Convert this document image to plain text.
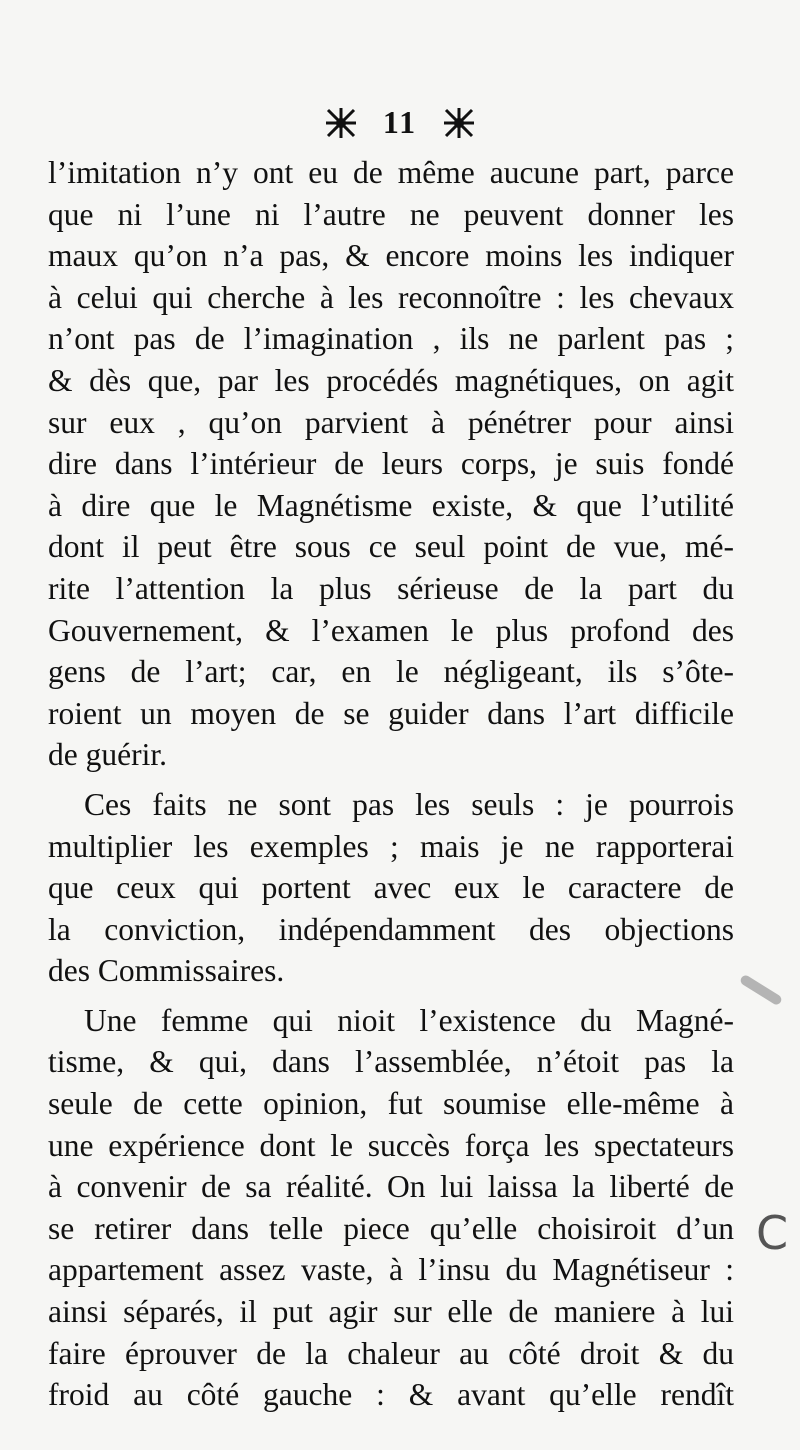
11
l’imitation n’y ont eu de même aucune part, parce
que ni l’une ni l’autre ne peuvent donner les
maux qu’on n’a pas, & encore moins les indiquer
à celui qui cherche à les reconnoître : les chevaux
n’ont pas de l’imagination , ils ne parlent pas ;
& dès que, par les procédés magnétiques, on agit
sur eux , qu’on parvient à pénétrer pour ainsi
dire dans l’intérieur de leurs corps, je suis fondé
à dire que le Magnétisme existe, & que l’utilité
dont il peut être sous ce seul point de vue, mé-
rite l’attention la plus sérieuse de la part du
Gouvernement, & l’examen le plus profond des
gens de l’art; car, en le négligeant, ils s’ôte-
roient un moyen de se guider dans l’art difficile
de guérir.
Ces faits ne sont pas les seuls : je pourrois
multiplier les exemples ; mais je ne rapporterai
que ceux qui portent avec eux le caractere de
la conviction, indépendamment des objections
des Commissaires.
Une femme qui nioit l’existence du Magné-
tisme, & qui, dans l’assemblée, n’étoit pas la
seule de cette opinion, fut soumise elle-même à
une expérience dont le succès força les spectateurs
à convenir de sa réalité. On lui laissa la liberté de
se retirer dans telle piece qu’elle choisiroit d’un
appartement assez vaste, à l’insu du Magnétiseur :
ainsi séparés, il put agir sur elle de maniere à lui
faire éprouver de la chaleur au côté droit & du
froid au côté gauche : & avant qu’elle rendît
C
